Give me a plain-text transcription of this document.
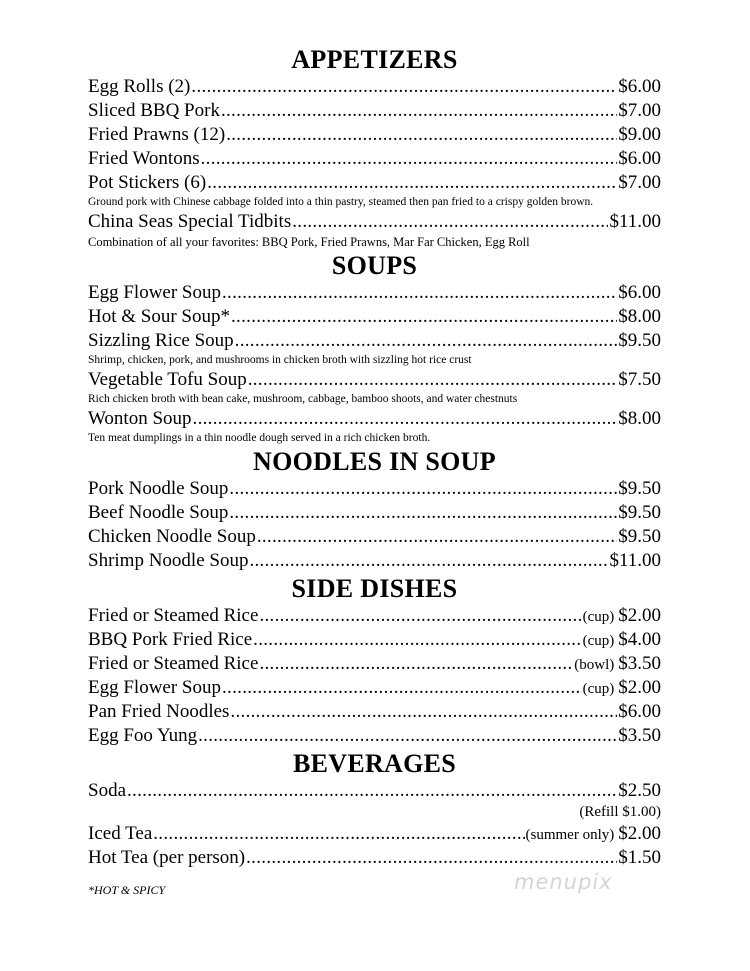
APPETIZERS
Egg Rolls (2) .....	$6.00
Sliced BBQ Pork .....	$7.00
Fried Prawns (12) .....	$9.00
Fried Wontons .....	$6.00
Pot Stickers (6) .....	$7.00
Ground pork with Chinese cabbage folded into a thin pastry, steamed then pan fried to a crispy golden brown.
China Seas Special Tidbits .....	$11.00
Combination of all your favorites: BBQ Pork, Fried Prawns, Mar Far Chicken, Egg Roll
SOUPS
Egg Flower Soup .....	$6.00
Hot & Sour Soup* .....	$8.00
Sizzling Rice Soup .....	$9.50
Shrimp, chicken, pork, and mushrooms in chicken broth with sizzling hot rice crust
Vegetable Tofu Soup .....	$7.50
Rich chicken broth with bean cake, mushroom, cabbage, bamboo shoots, and water chestnuts
Wonton Soup .....	$8.00
Ten meat dumplings in a thin noodle dough served in a rich chicken broth.
NOODLES IN SOUP
Pork Noodle Soup .....	$9.50
Beef Noodle Soup .....	$9.50
Chicken Noodle Soup .....	$9.50
Shrimp Noodle Soup .....	$11.00
SIDE DISHES
Fried or Steamed Rice .....	(cup) $2.00
BBQ Pork Fried Rice .....	(cup) $4.00
Fried or Steamed Rice .....	(bowl) $3.50
Egg Flower Soup .....	(cup) $2.00
Pan Fried Noodles .....	$6.00
Egg Foo Yung .....	$3.50
BEVERAGES
Soda .....	$2.50
(Refill $1.00)
Iced Tea .....	(summer only) $2.00
Hot Tea (per person) .....	$1.50
*HOT & SPICY	menupix
